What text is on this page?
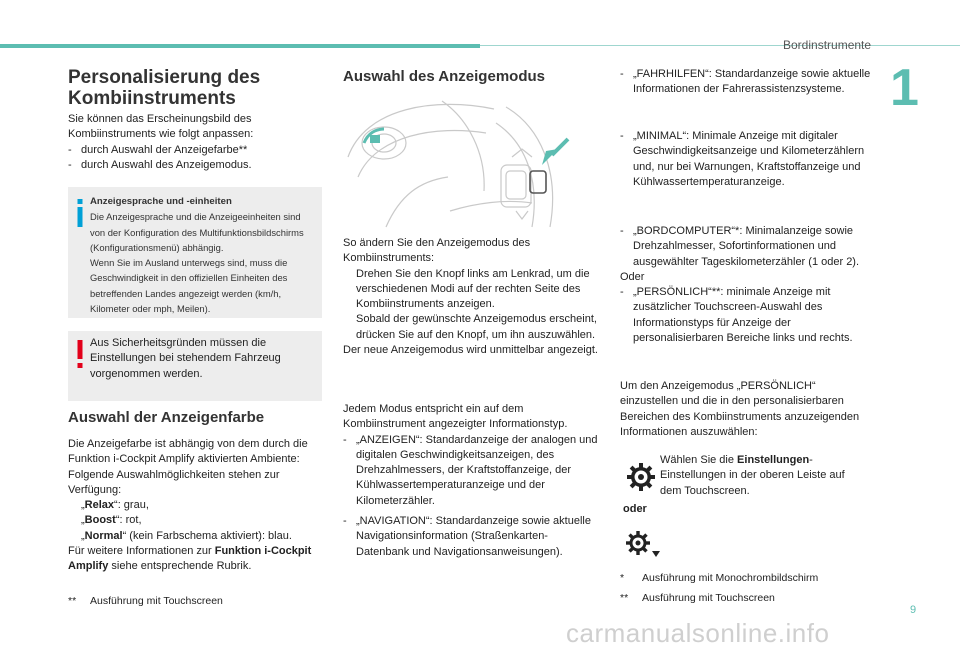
Bordinstrumente
1
Personalisierung des
Kombiinstruments

Sie können das Erscheinungsbild des Kombiinstruments wie folgt anpassen:

- durch Auswahl der Anzeigefarbe**
- durch Auswahl des Anzeigemodus.
Anzeigesprache und -einheiten
Die Anzeigesprache und die Anzeigeeinheiten sind von der Konfiguration des Multifunktionsbildschirms (Konfigurationsmenü) abhängig.
Wenn Sie im Ausland unterwegs sind, muss die Geschwindigkeit in den offiziellen Einheiten des betreffenden Landes angezeigt werden (km/h, Kilometer oder mph, Meilen).
Aus Sicherheitsgründen müssen die Einstellungen bei stehendem Fahrzeug vorgenommen werden.
Auswahl der Anzeigenfarbe

Die Anzeigefarbe ist abhängig von dem durch die Funktion i-Cockpit Amplify aktivierten Ambiente: Folgende Auswahlmöglichkeiten stehen zur Verfügung:

„Relax“: grau,
„Boost“: rot,
„Normal“ (kein Farbschema aktiviert): blau.

Für weitere Informationen zur Funktion i-Cockpit Amplify siehe entsprechende Rubrik.

** Ausführung mit Touchscreen
Auswahl des Anzeigemodus

So ändern Sie den Anzeigemodus des Kombiinstruments:

Drehen Sie den Knopf links am Lenkrad, um die verschiedenen Modi auf der rechten Seite des Kombiinstruments anzeigen.
Sobald der gewünschte Anzeigemodus erscheint, drücken Sie auf den Knopf, um ihn auszuwählen.

Der neue Anzeigemodus wird unmittelbar angezeigt.

Jedem Modus entspricht ein auf dem Kombiinstrument angezeigter Informationstyp.

- „ANZEIGEN“: Standardanzeige der analogen und digitalen Geschwindigkeitsanzeigen, des Drehzahlmessers, der Kraftstoffanzeige, der Kühlwassertemperaturanzeige und der Kilometerzähler.
- „NAVIGATION“: Standardanzeige sowie aktuelle Navigationsinformation (Straßenkarten-Datenbank und Navigationsanweisungen).
- „FAHRHILFEN“: Standardanzeige sowie aktuelle Informationen der Fahrerassistenzsysteme.
- „MINIMAL“: Minimale Anzeige mit digitaler Geschwindigkeitsanzeige und Kilometerzählern und, nur bei Warnungen, Kraftstoffanzeige und Kühlwassertemperaturanzeige.
- „BORDCOMPUTER“*: Minimalanzeige sowie Drehzahlmesser, Sofortinformationen und ausgewählter Tageskilometerzähler (1 oder 2).

Oder

- „PERSÖNLICH“**: minimale Anzeige mit zusätzlicher Touchscreen-Auswahl des Informationstyps für Anzeige der personalisierbaren Bereiche links und rechts.
Um den Anzeigemodus „PERSÖNLICH“ einzustellen und die in den personalisierbaren Bereichen des Kombiinstruments anzuzeigenden Informationen auszuwählen:
oder
Wählen Sie die Einstellungen-Einstellungen in der oberen Leiste auf dem Touchscreen.
* Ausführung mit Monochrombildschirm
** Ausführung mit Touchscreen
9
carmanualsonline.info
